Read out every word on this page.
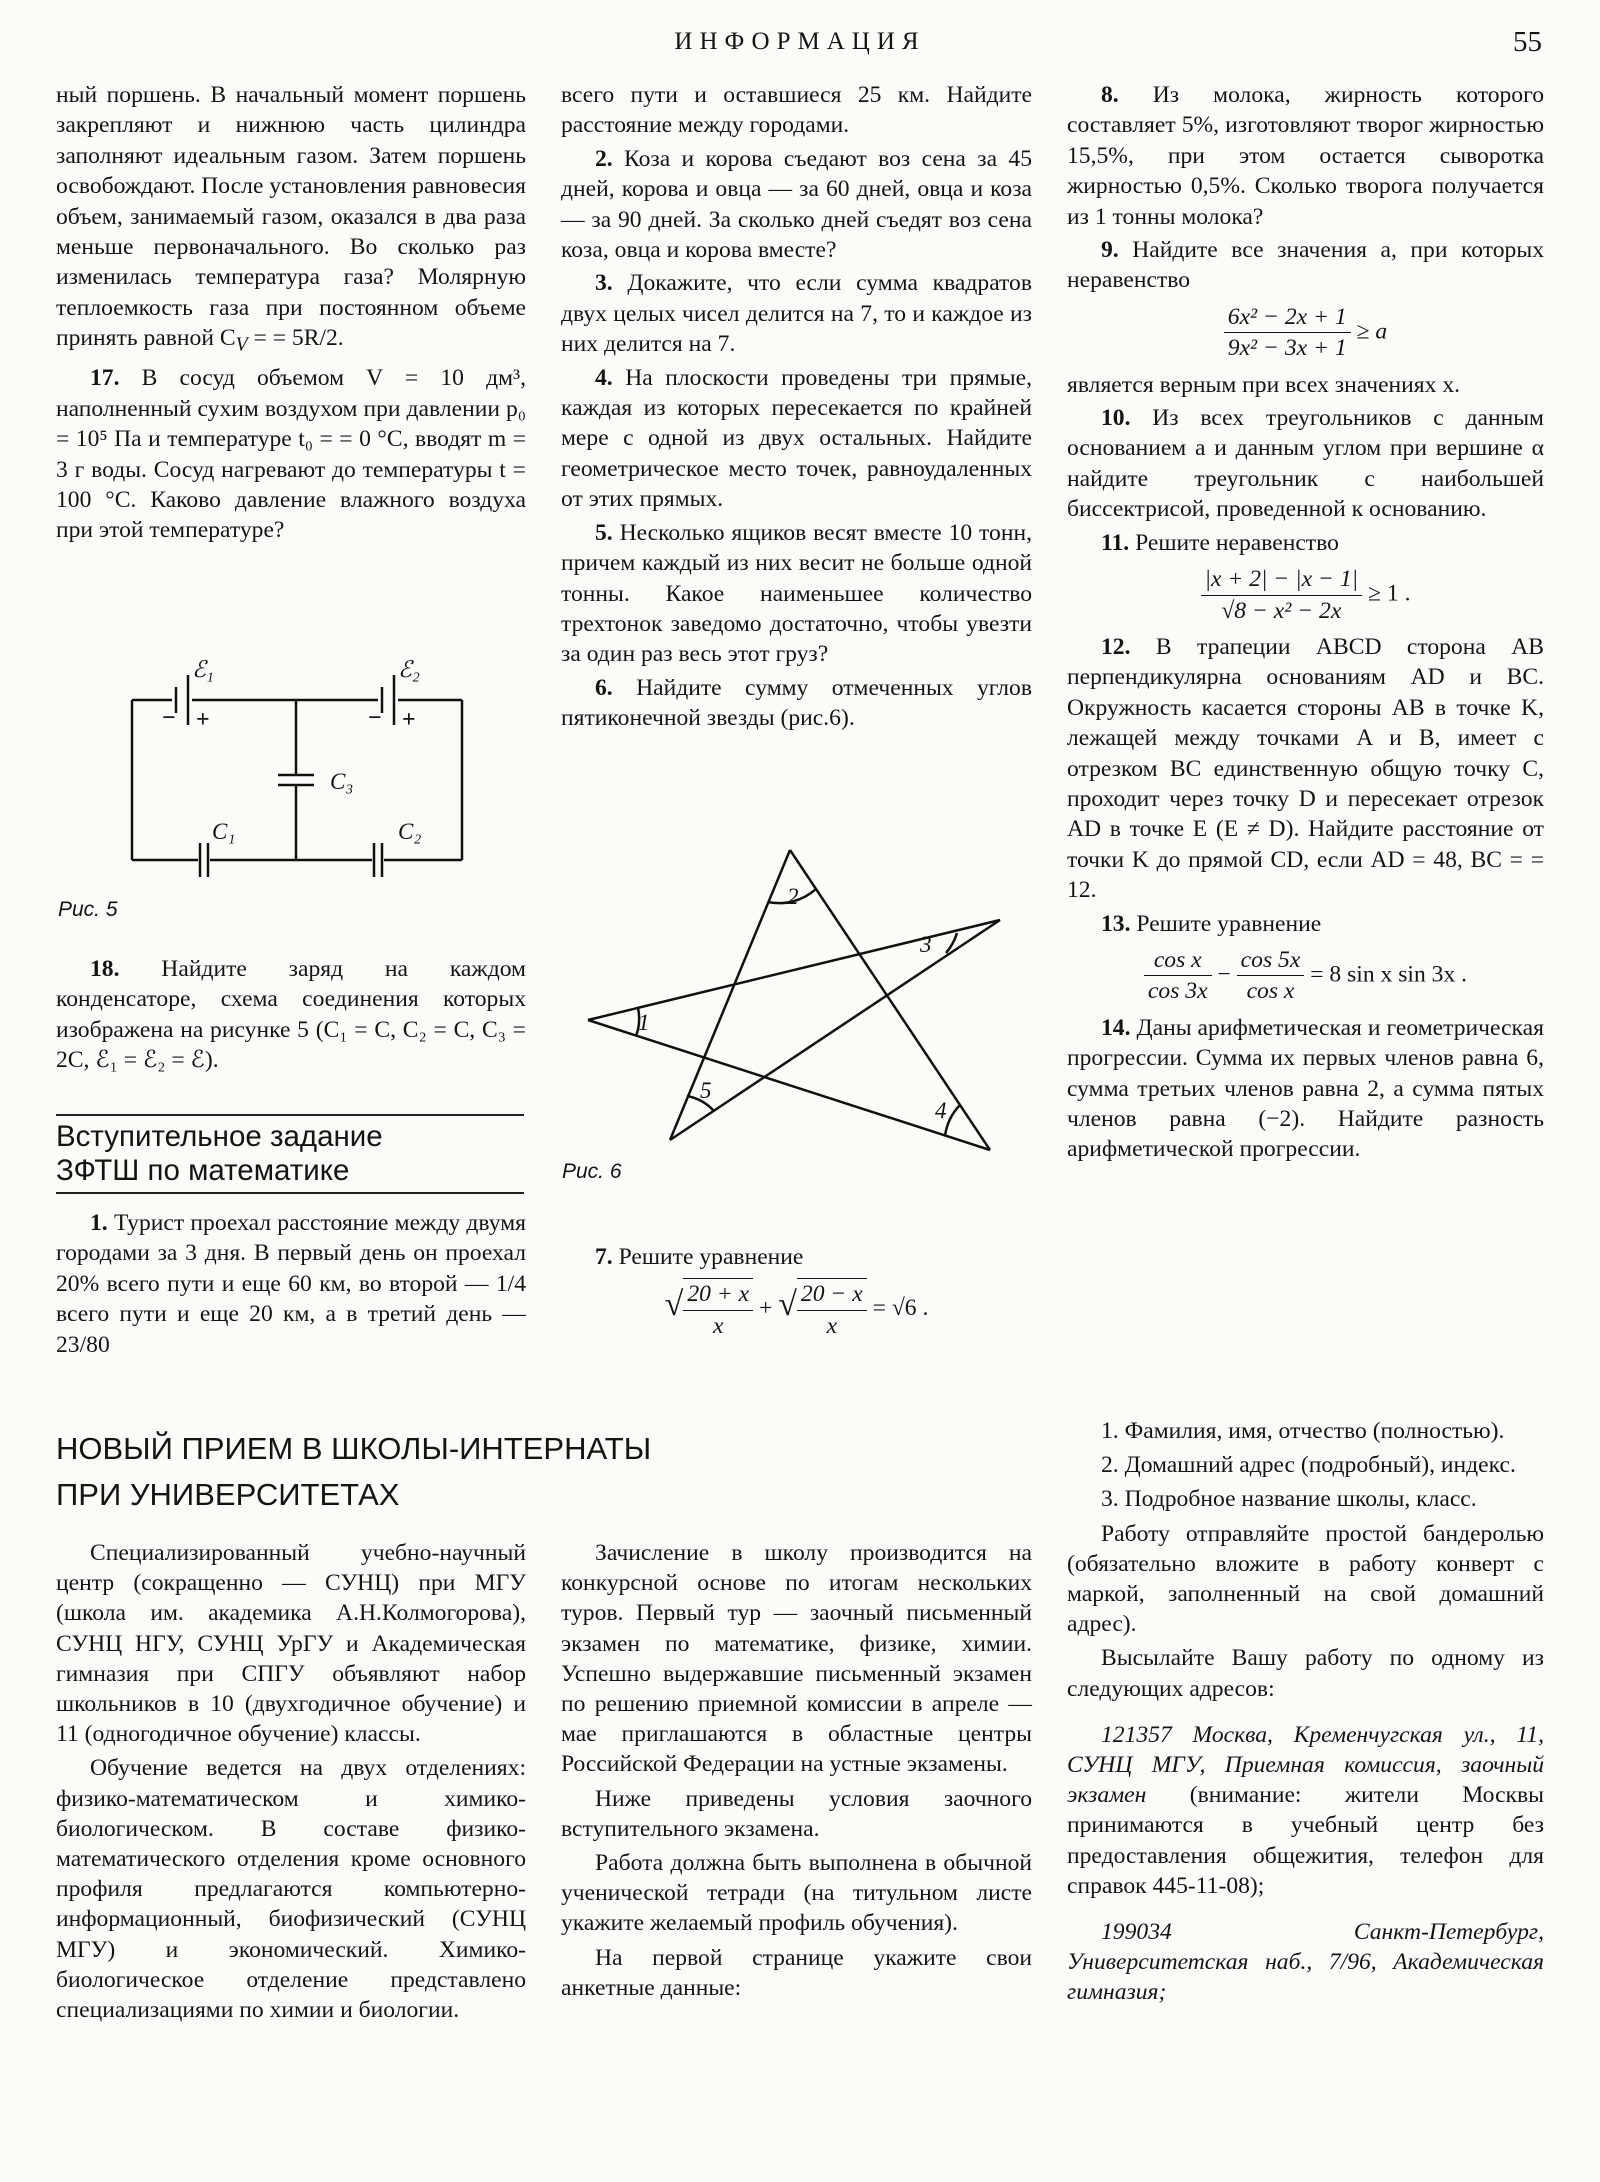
ИНФОРМАЦИЯ	55

ный поршень. В начальный момент поршень закрепляют и нижнюю часть цилиндра заполняют идеальным газом. Затем поршень освобождают. После установления равновесия объем, занимаемый газом, оказался в два раза меньше первоначального. Во сколько раз изменилась температура газа? Молярную теплоемкость газа при постоянном объеме принять равной $C_V$ = = 5R/2.

17. В сосуд объемом V = 10 дм³, наполненный сухим воздухом при давлении p₀ = 10⁵ Па и температуре t₀ = = 0 °C, вводят m = 3 г воды. Сосуд нагревают до температуры t = 100 °C. Каково давление влажного воздуха при этой температуре?

ℰ₁	ℰ₂
C₁	C₂
C₃
− +	− +
Рис. 5

18. Найдите заряд на каждом конденсаторе, схема соединения которых изображена на рисунке 5 (C₁ = C, C₂ = C, C₃ = 2C, ℰ₁ = ℰ₂ = ℰ).

Вступительное задание
ЗФТШ по математике

1. Турист проехал расстояние между двумя городами за 3 дня. В первый день он проехал 20% всего пути и еще 60 км, во второй — 1/4 всего пути и еще 20 км, а в третий день — 23/80

всего пути и оставшиеся 25 км. Найдите расстояние между городами.

2. Коза и корова съедают воз сена за 45 дней, корова и овца — за 60 дней, овца и коза — за 90 дней. За сколько дней съедят воз сена коза, овца и корова вместе?

3. Докажите, что если сумма квадратов двух целых чисел делится на 7, то и каждое из них делится на 7.

4. На плоскости проведены три прямые, каждая из которых пересекается по крайней мере с одной из двух остальных. Найдите геометрическое место точек, равноудаленных от этих прямых.

5. Несколько ящиков весят вместе 10 тонн, причем каждый из них весит не больше одной тонны. Какое наименьшее количество трехтонок заведомо достаточно, чтобы увезти за один раз весь этот груз?

6. Найдите сумму отмеченных углов пятиконечной звезды (рис.6).

1
2
3
4
5
Рис. 6

7. Решите уравнение

√ $\frac{20 + x}{x}$ + √ $\frac{20 - x}{x} = √6$ .

8. Из молока, жирность которого составляет 5%, изготовляют творог жирностью 15,5%, при этом остается сыворотка жирностью 0,5%. Сколько творога получается из 1 тонны молока?

9. Найдите все значения a, при которых неравенство

$\frac{\text{6x² − 2x + 1}}{\text{9x² − 3x + 1}} \ge a$

является верным при всех значениях x.

10. Из всех треугольников с данным основанием a и данным углом при вершине α найдите треугольник с наибольшей биссектрисой, проведенной к основанию.

11. Решите неравенство

$\frac{|x + 2| - |x - 1|}{\text{√8 − x² − 2x}} \ge 1$ .

12. В трапеции ABCD сторона AB перпендикулярна основаниям AD и BC. Окружность касается стороны AB в точке K, лежащей между точками A и B, имеет с отрезком BC единственную общую точку C, проходит через точку D и пересекает отрезок AD в точке E (E ≠ D). Найдите расстояние от точки K до прямой CD, если AD = 48, BC = = 12.

13. Решите уравнение

$\frac{\text{cos x}}{\cos 3x} - \frac{\cos 5x}{\text{cos x}} = 8$ sin x sin 3x .

14. Даны арифметическая и геометрическая прогрессии. Сумма их первых членов равна 6, сумма третьих членов равна 2, а сумма пятых членов равна (−2). Найдите разность арифметической прогрессии.

НОВЫЙ ПРИЕМ В ШКОЛЫ-ИНТЕРНАТЫ
ПРИ УНИВЕРСИТЕТАХ

Специализированный учебно-научный центр (сокращенно — СУНЦ) при МГУ (школа им. академика А.Н.Колмогорова), СУНЦ НГУ, СУНЦ УрГУ и Академическая гимназия при СПГУ объявляют набор школьников в 10 (двухгодичное обучение) и 11 (одногодичное обучение) классы.

Обучение ведется на двух отделениях: физико-математическом и химико-биологическом. В составе физико-математического отделения кроме основного профиля предлагаются компьютерно-информационный, биофизический (СУНЦ МГУ) и экономический. Химико-биологическое отделение представлено специализациями по химии и биологии.

Зачисление в школу производится на конкурсной основе по итогам нескольких туров. Первый тур — заочный письменный экзамен по математике, физике, химии. Успешно выдержавшие письменный экзамен по решению приемной комиссии в апреле — мае приглашаются в областные центры Российской Федерации на устные экзамены.

Ниже приведены условия заочного вступительного экзамена.

Работа должна быть выполнена в обычной ученической тетради (на титульном листе укажите желаемый профиль обучения).

На первой странице укажите свои анкетные данные:

1. Фамилия, имя, отчество (полностью).

2. Домашний адрес (подробный), индекс.

3. Подробное название школы, класс.

Работу отправляйте простой бандеролью (обязательно вложите в работу конверт с маркой, заполненный на свой домашний адрес).

Высылайте Вашу работу по одному из следующих адресов:

121357 Москва, Кременчугская ул., 11, СУНЦ МГУ, Приемная комиссия, заочный экзамен (внимание: жители Москвы принимаются в учебный центр без предоставления общежития, телефон для справок 445-11-08);

199034 Санкт-Петербург, Университетская наб., 7/96, Академическая гимназия;
